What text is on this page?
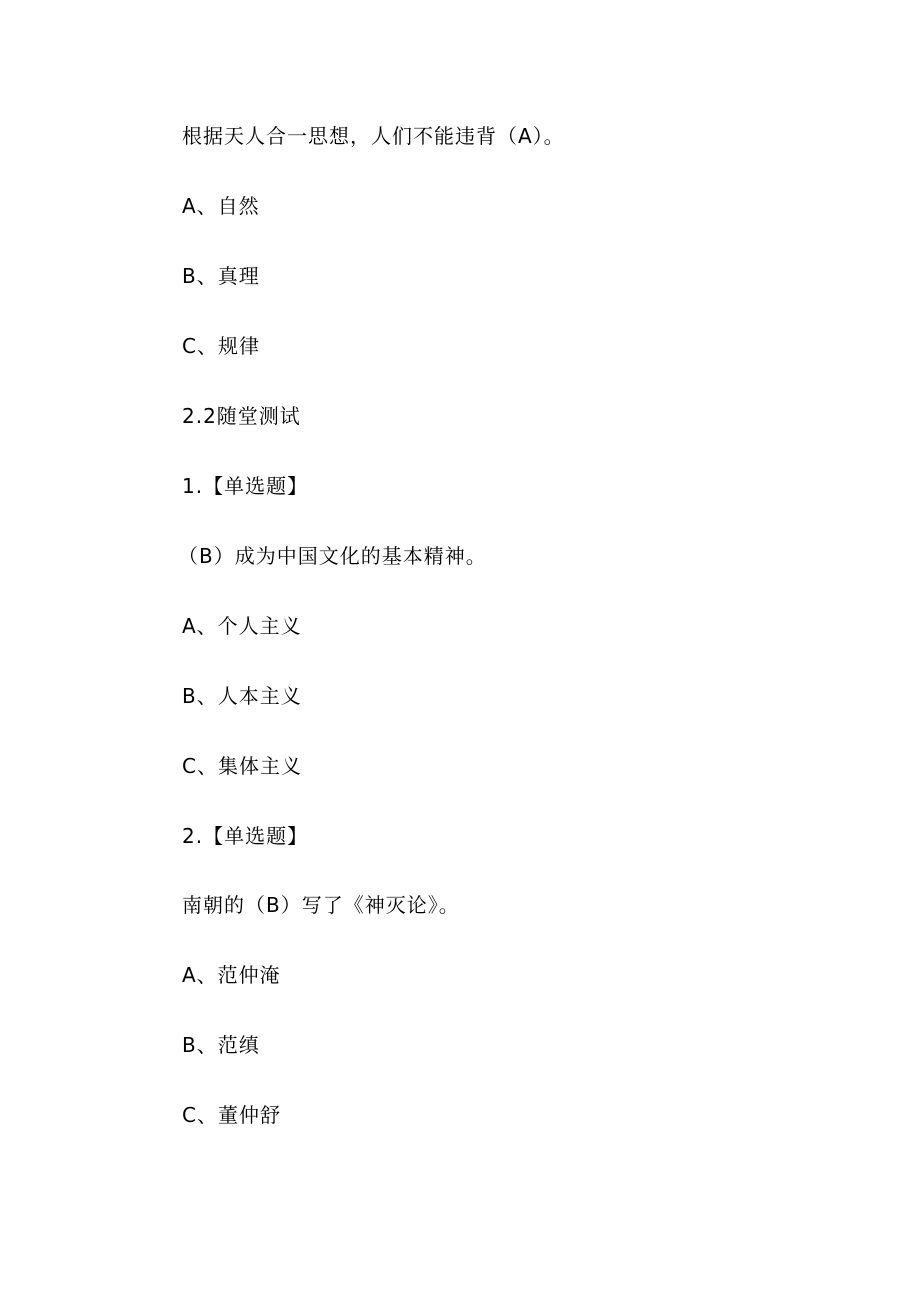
根据天人合一思想，人们不能违背（A）。
A、自然
B、真理
C、规律
2.2随堂测试
1.【单选题】
（B）成为中国文化的基本精神。
A、个人主义
B、人本主义
C、集体主义
2.【单选题】
南朝的（B）写了《神灭论》。
A、范仲淹
B、范缜
C、董仲舒
